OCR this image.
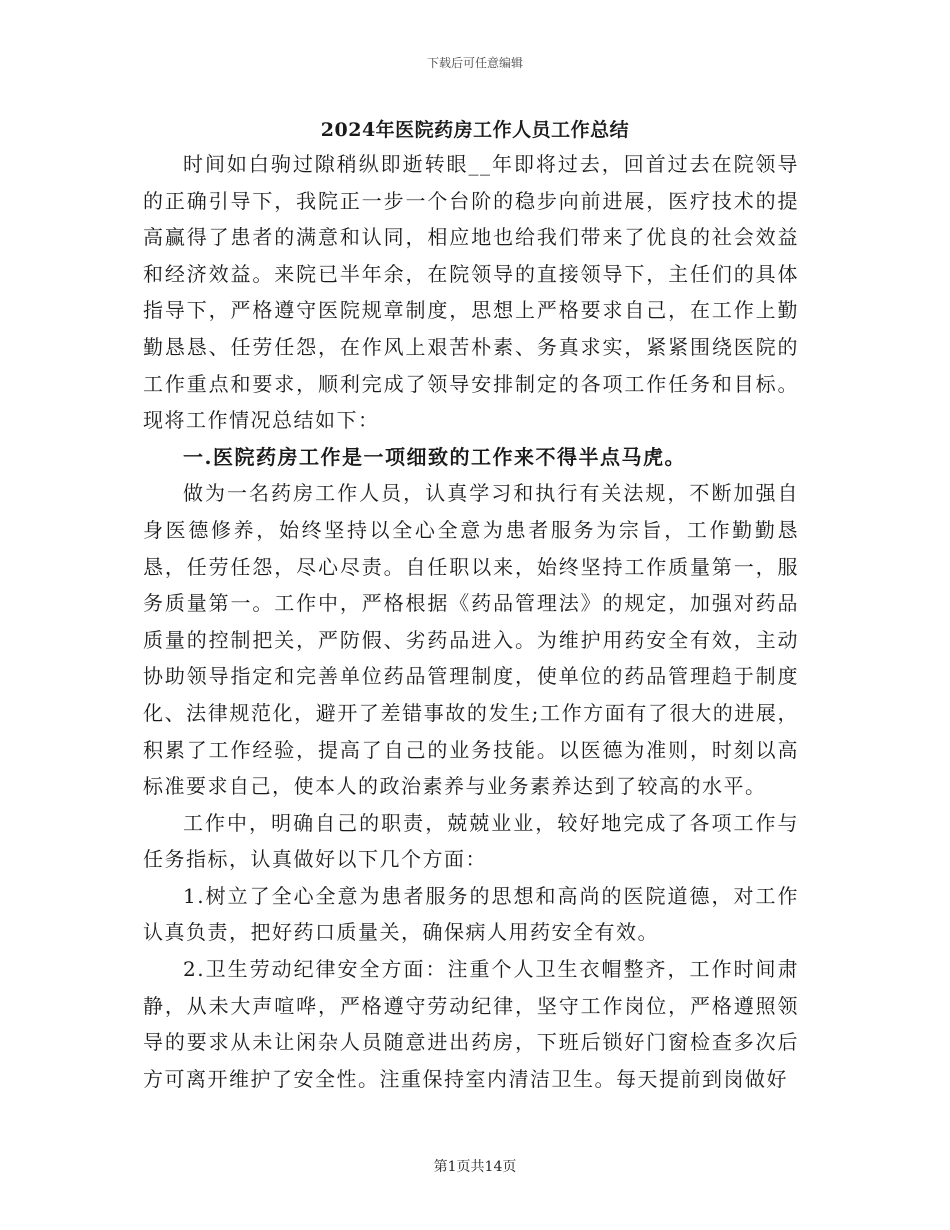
下载后可任意编辑
2024年医院药房工作人员工作总结

时间如白驹过隙稍纵即逝转眼__年即将过去，回首过去在院领导的正确引导下，我院正一步一个台阶的稳步向前进展，医疗技术的提高赢得了患者的满意和认同，相应地也给我们带来了优良的社会效益和经济效益。来院已半年余，在院领导的直接领导下，主任们的具体指导下，严格遵守医院规章制度，思想上严格要求自己，在工作上勤勤恳恳、任劳任怨，在作风上艰苦朴素、务真求实，紧紧围绕医院的工作重点和要求，顺利完成了领导安排制定的各项工作任务和目标。现将工作情况总结如下：

一.医院药房工作是一项细致的工作来不得半点马虎。

做为一名药房工作人员，认真学习和执行有关法规，不断加强自身医德修养，始终坚持以全心全意为患者服务为宗旨，工作勤勤恳恳，任劳任怨，尽心尽责。自任职以来，始终坚持工作质量第一，服务质量第一。工作中，严格根据《药品管理法》的规定，加强对药品质量的控制把关，严防假、劣药品进入。为维护用药安全有效，主动协助领导指定和完善单位药品管理制度，使单位的药品管理趋于制度化、法律规范化，避开了差错事故的发生;工作方面有了很大的进展，积累了工作经验，提高了自己的业务技能。以医德为准则，时刻以高标准要求自己，使本人的政治素养与业务素养达到了较高的水平。

工作中，明确自己的职责，兢兢业业，较好地完成了各项工作与任务指标，认真做好以下几个方面：

1.树立了全心全意为患者服务的思想和高尚的医院道德，对工作认真负责，把好药口质量关，确保病人用药安全有效。

2.卫生劳动纪律安全方面：注重个人卫生衣帽整齐，工作时间肃静，从未大声喧哗，严格遵守劳动纪律，坚守工作岗位，严格遵照领导的要求从未让闲杂人员随意进出药房，下班后锁好门窗检查多次后方可离开维护了安全性。注重保持室内清洁卫生。每天提前到岗做好

第1页共14页
